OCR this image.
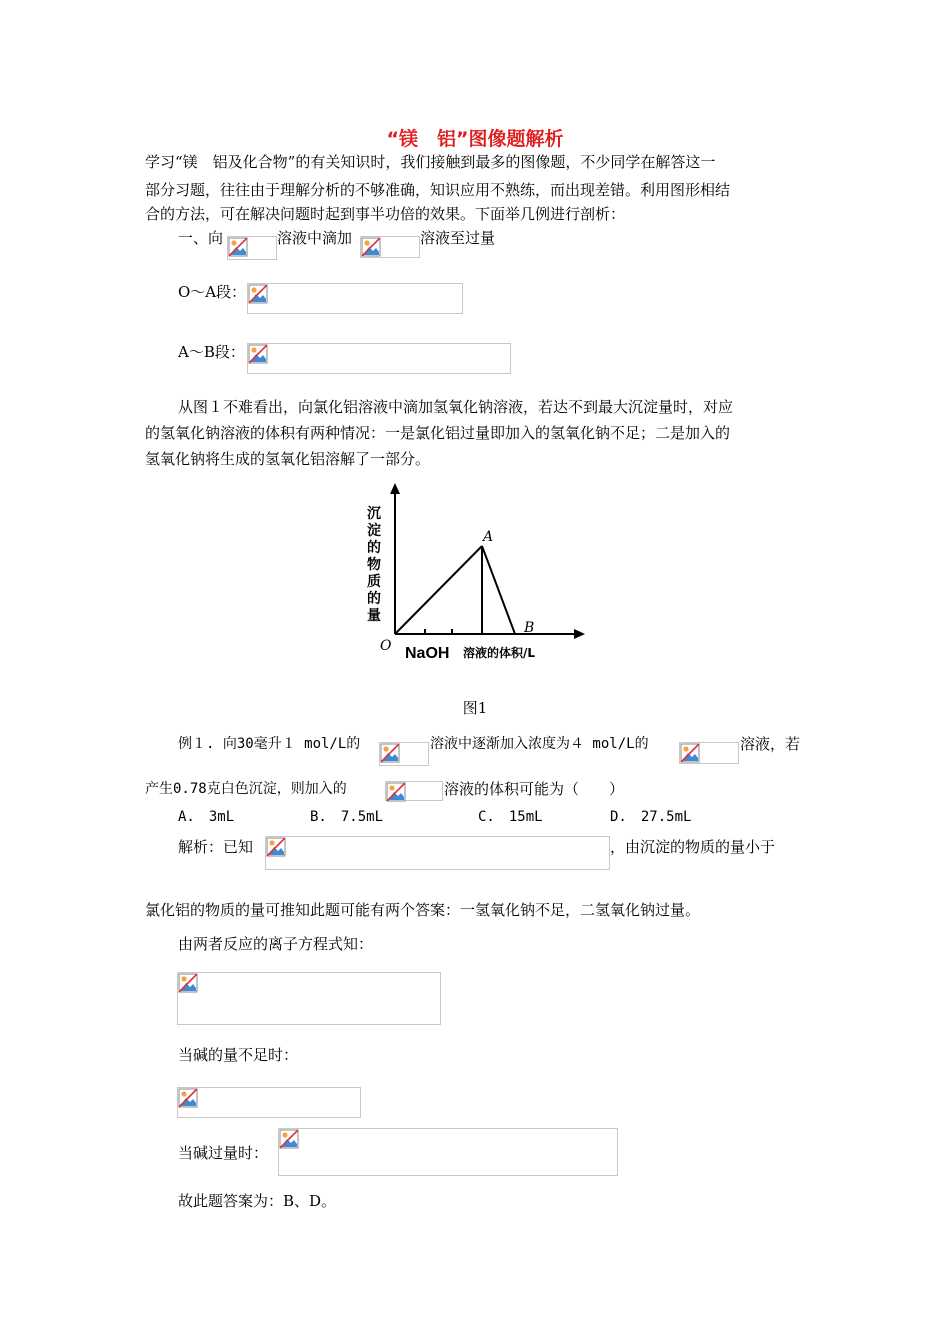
“镁　铝”图像题解析
学习“镁　铝及化合物”的有关知识时，我们接触到最多的图像题，不少同学在解答这一
部分习题，往往由于理解分析的不够准确，知识应用不熟练，而出现差错。利用图形相结
合的方法，可在解决问题时起到事半功倍的效果。下面举几例进行剖析：
一、向	溶液中滴加	溶液至过量
O～A段：
A～B段：
从图１不难看出，向氯化铝溶液中滴加氢氧化钠溶液，若达不到最大沉淀量时，对应
的氢氧化钠溶液的体积有两种情况：一是氯化铝过量即加入的氢氧化钠不足；二是加入的
氢氧化钠将生成的氢氧化铝溶解了一部分。
A
B
O NaOH 溶液的体积/L
沉
淀
的
物
质
的
量
图1
例１. 向30毫升１ mol/L的	溶液中逐渐加入浓度为４ mol/L的	溶液，若
产生0.78克白色沉淀，则加入的	溶液的体积可能为（　　）
A.　3mL	B.　7.5mL	C.　15mL	D.　27.5mL
解析：已知	，由沉淀的物质的量小于
氯化铝的物质的量可推知此题可能有两个答案：一氢氧化钠不足，二氢氧化钠过量。
由两者反应的离子方程式知：
当碱的量不足时：
当碱过量时：
故此题答案为：B、D。
